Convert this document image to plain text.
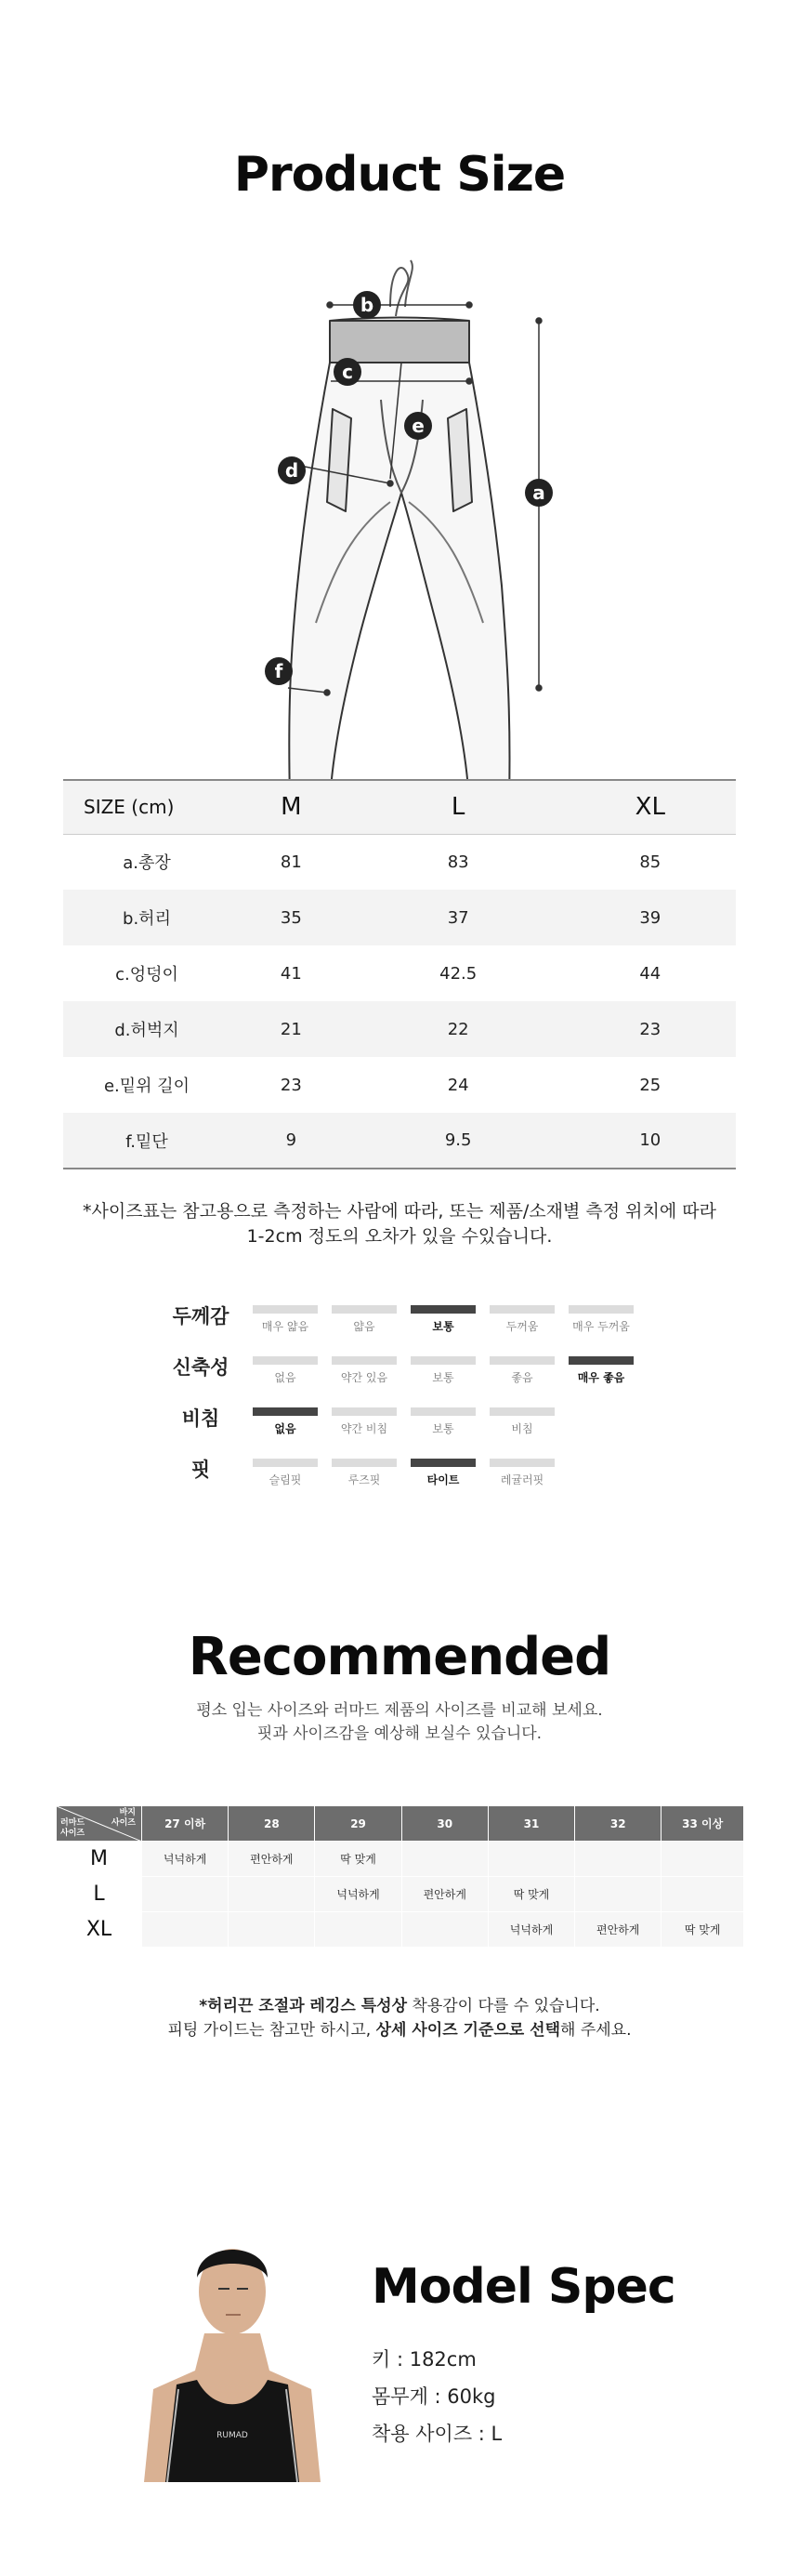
Product Size
b
c
e
d
a
f
SIZE (cm)	M	L	XL
a.총장	81	83	85
b.허리	35	37	39
c.엉덩이	41	42.5	44
d.허벅지	21	22	23
e.밑위 길이	23	24	25
f.밑단	9	9.5	10
*사이즈표는 참고용으로 측정하는 사람에 따라, 또는 제품/소재별 측정 위치에 따라
1-2cm 정도의 오차가 있을 수있습니다.
두께감	매우 얇음	얇음	보통	두꺼움	매우 두꺼움
신축성	없음	약간 있음	보통	좋음	매우 좋음
비침	없음	약간 비침	보통	비침
핏	슬림핏	루즈핏	타이트	레귤러핏
Recommended
평소 입는 사이즈와 러마드 제품의 사이즈를 비교해 보세요.
핏과 사이즈감을 예상해 보실수 있습니다.
바지
사이즈
러마드
사이즈	27 이하	28	29	30	31	32	33 이상
M	넉넉하게	편안하게	딱 맞게				
L			넉넉하게	편안하게	딱 맞게		
XL					넉넉하게	편안하게	딱 맞게
*허리끈 조절과 레깅스 특성상 착용감이 다를 수 있습니다.
피팅 가이드는 참고만 하시고, 상세 사이즈 기준으로 선택해 주세요.
RUMAD
Model Spec
키 : 182cm
몸무게 : 60kg
착용 사이즈 : L
